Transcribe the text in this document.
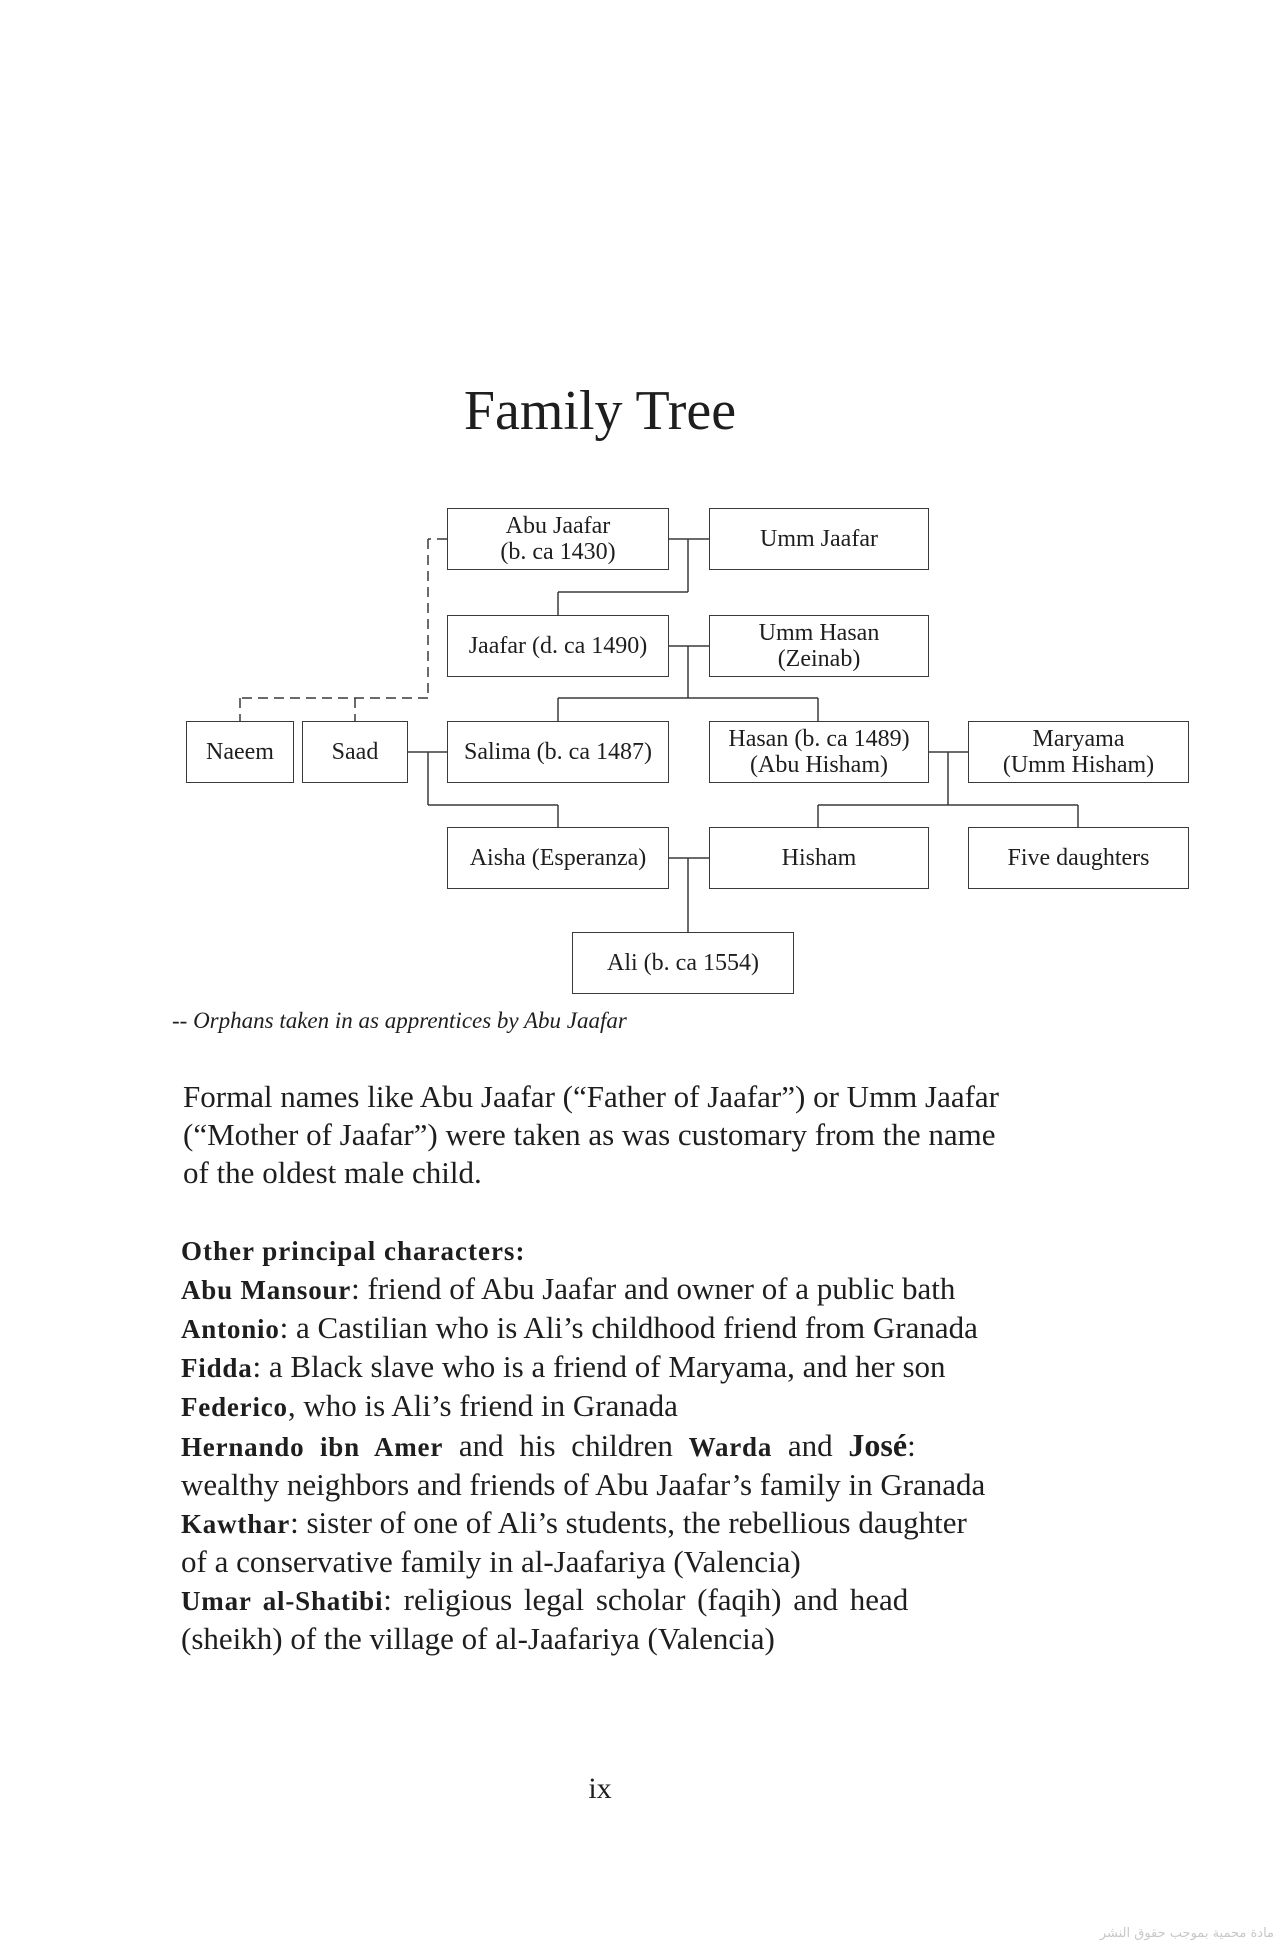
Family Tree
Abu Jaafar
(b. ca 1430)	Umm Jaafar
Jaafar (d. ca 1490)	Umm Hasan
(Zeinab)
Naeem	Saad	Salima (b. ca 1487)	Hasan (b. ca 1489)
(Abu Hisham)
Maryama
(Umm Hisham)
Aisha (Esperanza)	Hisham	Five daughters
Ali (b. ca 1554)
-- Orphans taken in as apprentices by Abu Jaafar

Formal names like Abu Jaafar (“Father of Jaafar”) or Umm Jaafar (“Mother of Jaafar”) were taken as was customary from the name of the oldest male child.

Other principal characters:
Abu Mansour: friend of Abu Jaafar and owner of a public bath
Antonio: a Castilian who is Ali’s childhood friend from Granada
Fidda: a Black slave who is a friend of Maryama, and her son
Federico, who is Ali’s friend in Granada
Hernando ibn Amer and his children Warda and José:
wealthy neighbors and friends of Abu Jaafar’s family in Granada
Kawthar: sister of one of Ali’s students, the rebellious daughter
of a conservative family in al-Jaafariya (Valencia)
Umar al-Shatibi: religious legal scholar (faqih) and head
(sheikh) of the village of al-Jaafariya (Valencia)
ix
مادة محمية بموجب حقوق النشر
